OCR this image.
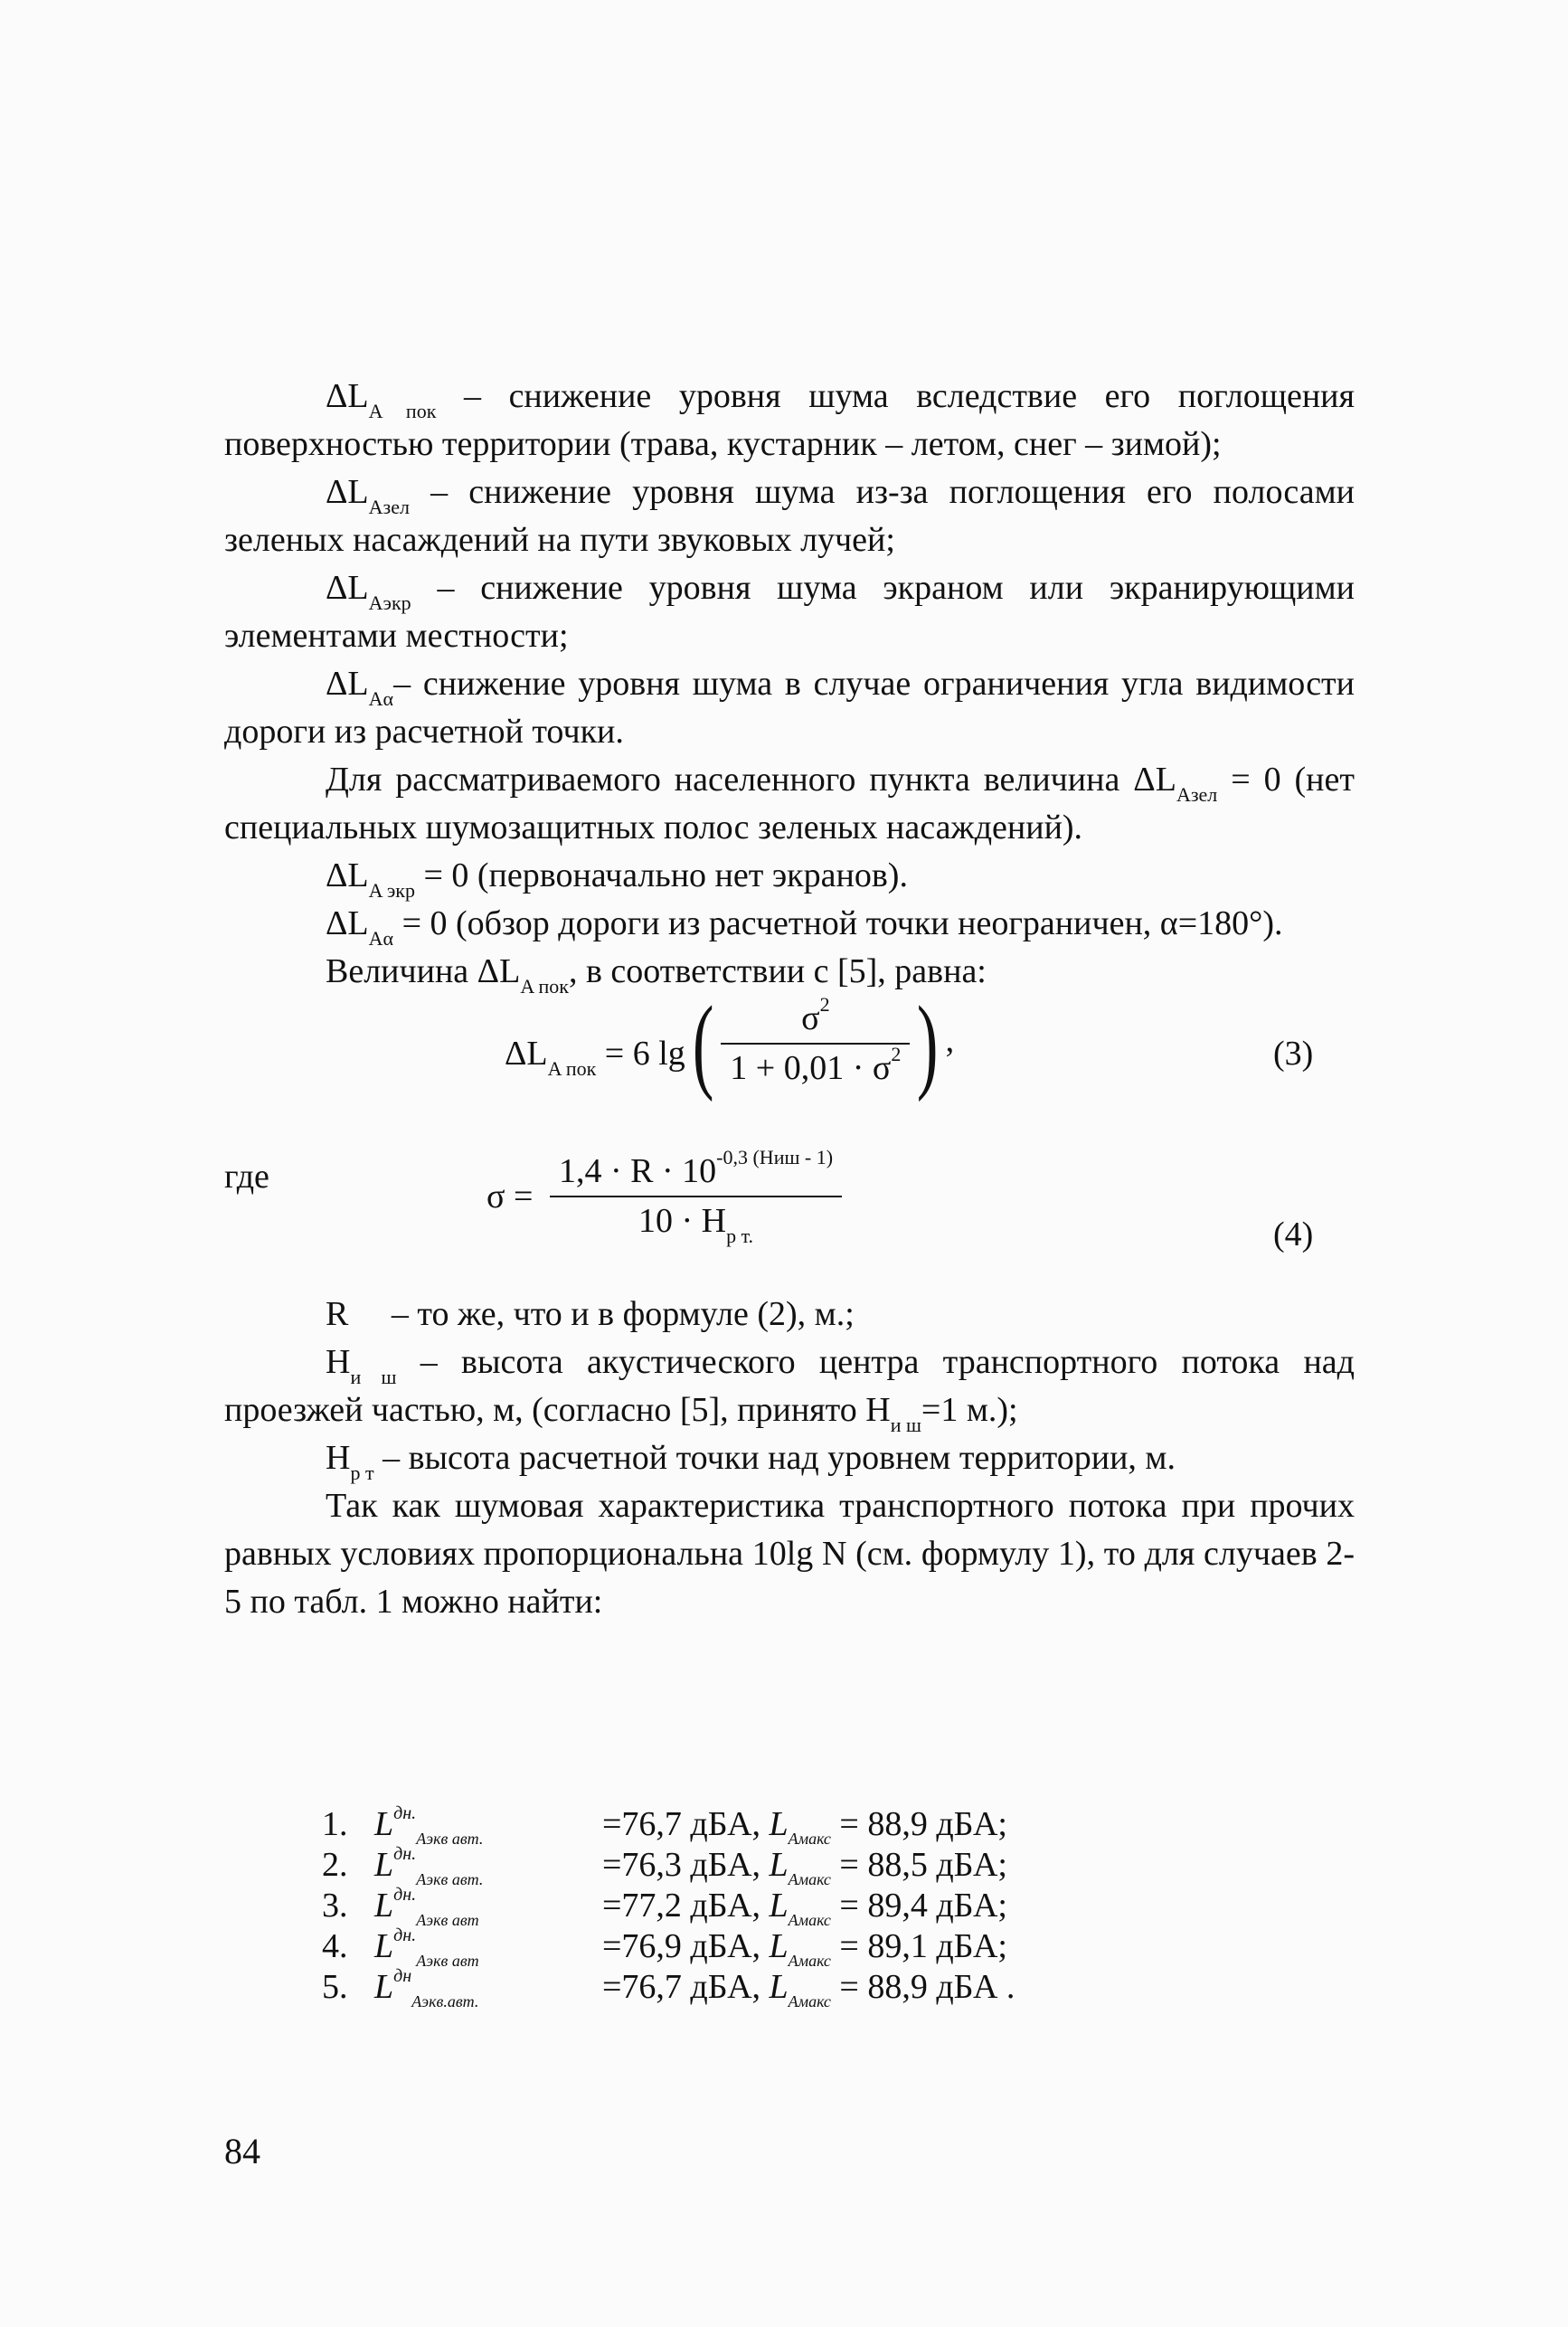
$\Delta L_{A пок}$ – снижение уровня шума вследствие его поглощения поверхностью территории (трава, кустарник – летом, снег – зимой);

$\Delta L_{Aзел}$ – снижение уровня шума из-за поглощения его полосами зеленых насаждений на пути звуковых лучей;

$\Delta L_{Aэкр}$ – снижение уровня шума экраном или экранирующими элементами местности;

$\Delta L_{A\alpha}-$ снижение уровня шума в случае ограничения угла видимости дороги из расчетной точки.

Для рассматриваемого населенного пункта величина $\Delta L_{Aзел} = 0$ (нет специальных шумозащитных полос зеленых насаждений).

$\Delta L_{A экр} = 0$ (первоначально нет экранов).

$\Delta L_{A\alpha} = 0$ (обзор дороги из расчетной точки неограничен, α=180°).

Величина $\Delta L_{A пок}$, в соответствии с [5], равна:

$\Delta L_{A пок} = 6$ lg ( $\frac{\sigma^2}{1 + 0,01 \cdot \sigma^2}$ ) ,	(3)
где
$\sigma = \frac{1,4 \cdot R \cdot 10^{-0,3 (Hиш - 1)}}{10 \cdot H_{р т.}}$	(4)

R     – то же, что и в формуле (2), м.;

$H_{и ш}$ – высота акустического центра транспортного потока над проезжей частью, м, (согласно [5], принято $H_{и ш}=1$ м.);

$H_{р т}$ – высота расчетной точки над уровнем территории, м.

Так как шумовая характеристика транспортного потока при прочих равных условиях пропорциональна 10lg N (см. формулу 1), то для случаев 2-5 по табл. 1 можно найти:

1. $L^{дн.}_{Aэкв авт.}$	=76,7 дБА, $L_{Aмакс} = 88,9$ дБА;
2. $L^{дн.}_{Aэкв авт.}$	=76,3 дБА, $L_{Aмакс} = 88,5$ дБА;
3. $L^{дн.}_{Aэкв авт}$	=77,2 дБА, $L_{Aмакс} = 89,4$ дБА;
4. $L^{дн.}_{Aэкв авт}$	=76,9 дБА, $L_{Aмакс} = 89,1$ дБА;
5. $L^{дн}_{Aэкв.авт.}$	=76,7 дБА, $L_{Aмакс} = 88,9$ дБА .
84
